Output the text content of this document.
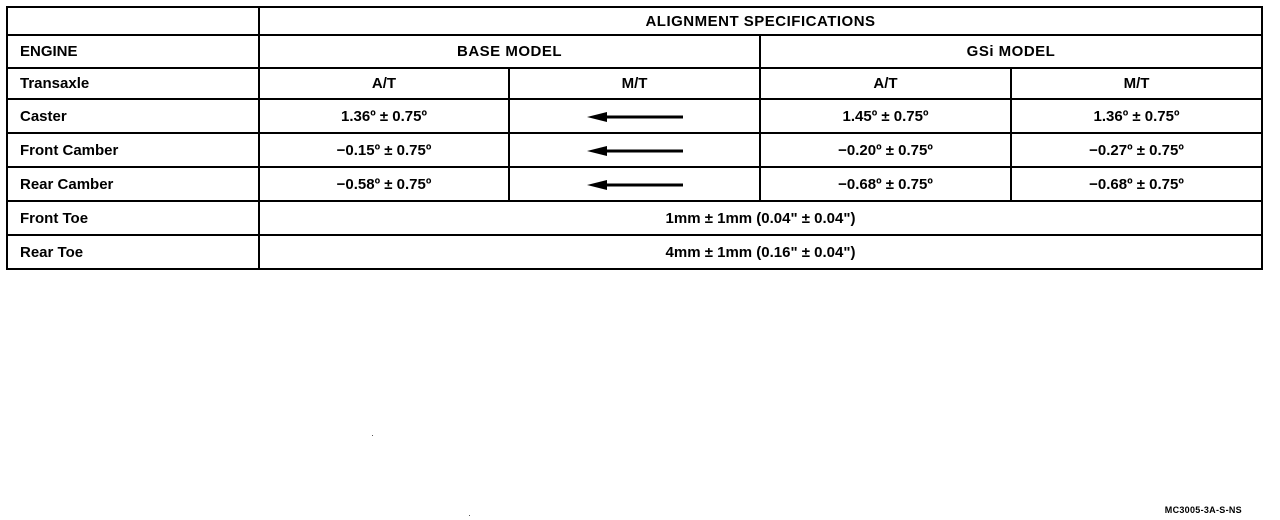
	ALIGNMENT SPECIFICATIONS			
ENGINE	BASE MODEL		GSi MODEL	
Transaxle	A/T	M/T	A/T	M/T
Caster	1.36º ± 0.75º		1.45º ± 0.75º	1.36º ± 0.75º
Front Camber	−0.15º ± 0.75º		−0.20º ± 0.75º	−0.27º ± 0.75º
Rear Camber	−0.58º ± 0.75º		−0.68º ± 0.75º	−0.68º ± 0.75º
Front Toe	1mm ± 1mm (0.04" ± 0.04")			
Rear Toe	4mm ± 1mm (0.16" ± 0.04")			
MC3005-3A-S-NS
